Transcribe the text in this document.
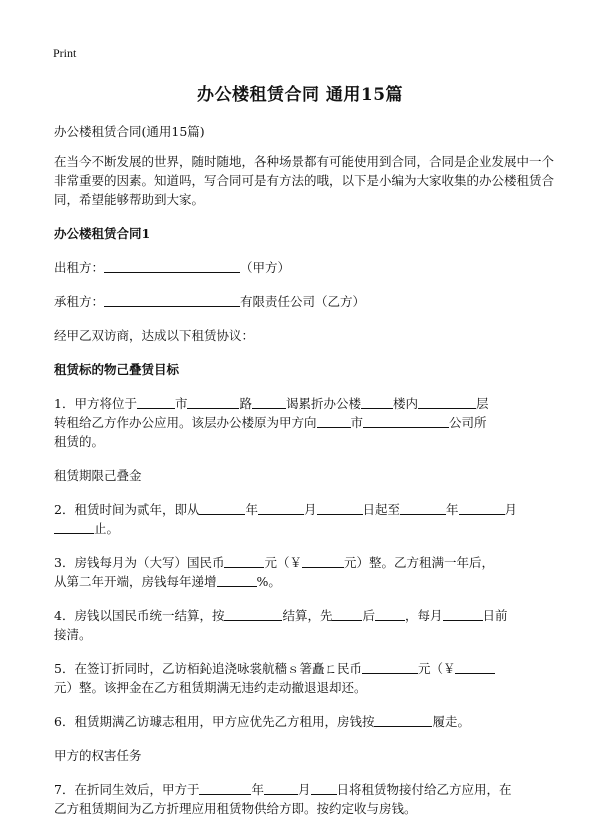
Print
办公楼租赁合同 通用15篇

办公楼租赁合同(通用15篇)

在当今不断发展的世界，随时随地，各种场景都有可能使用到合同，合同是企业发展中一个非常重要的因素。知道吗，写合同可是有方法的哦，以下是小编为大家收集的办公楼租赁合同，希望能够帮助到大家。

办公楼租赁合同1

出租方：	（甲方）

承租方：	有限责任公司（乙方）

经甲乙双访商，达成以下租赁协议：

租赁标的物己叠赁目标

1．甲方将位于	市	路	谒累折办公楼	楼内	层
转租给乙方作办公应用。该层办公楼原为甲方向	市	公司所
租赁的。

租赁期限己叠金

2．租赁时间为贰年，即从	年	月	日起至	年	月
止。

3．房钱每月为（大写）国民币	元（￥	元）整。乙方租满一年后，
从第二年开端，房钱每年递增	%。

4．房钱以国民币统一结算，按	结算，先 后 ，每月	日前
接清。

5．在签订折同时，乙访栢鈊追浇咏裳航穡ｓ箸矗ㄈ民币	元（￥
元）整。该押金在乙方租赁期满无违约走动撤退退却还。

6．租赁期满乙访璩志租用，甲方应优先乙方租用，房钱按	履走。

甲方的权害任务

7．在折同生效后，甲方于	年	月 日将租赁物接付给乙方应用，在
乙方租赁期间为乙方折理应用租赁物供给方即。按约定收与房钱。
